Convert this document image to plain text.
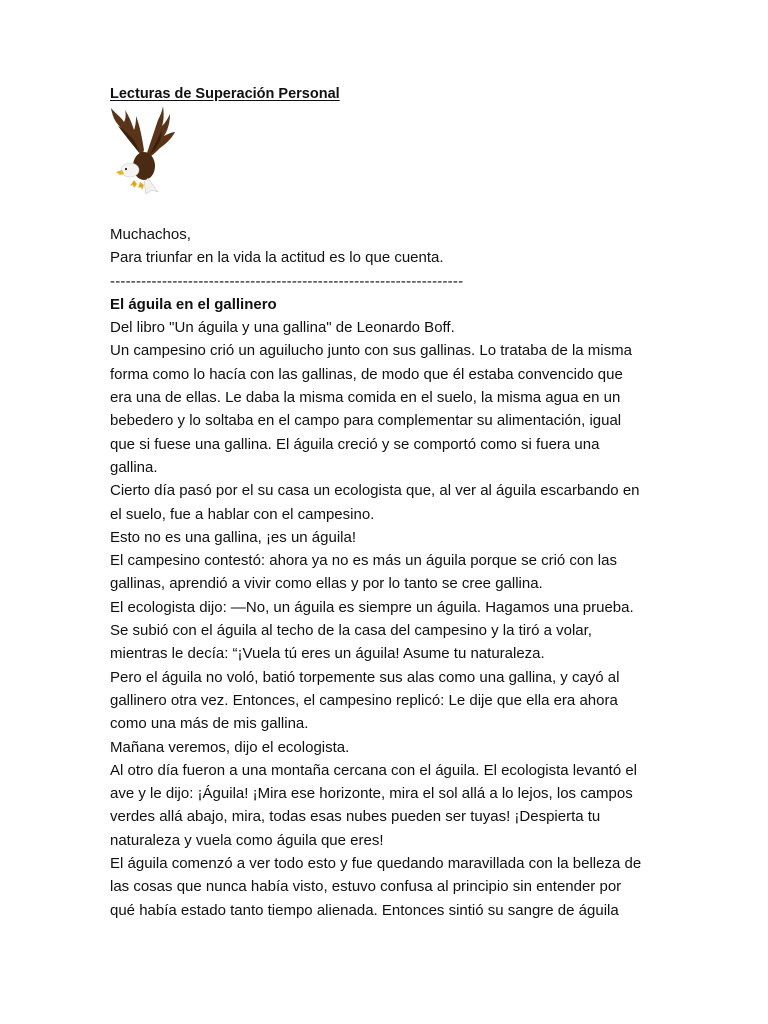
Lecturas de Superación Personal
Muchachos,
Para triunfar en la vida la actitud es lo que cuenta.
--------------------------------------------------------------------
El águila en el gallinero
Del libro "Un águila y una gallina" de Leonardo Boff.
Un campesino crió un aguilucho junto con sus gallinas. Lo trataba de la misma
forma como lo hacía con las gallinas, de modo que él estaba convencido que
era una de ellas. Le daba la misma comida en el suelo, la misma agua en un
bebedero y lo soltaba en el campo para complementar su alimentación, igual
que si fuese una gallina. El águila creció y se comportó como si fuera una
gallina.
Cierto día pasó por el su casa un ecologista que, al ver al águila escarbando en
el suelo, fue a hablar con el campesino.
Esto no es una gallina, ¡es un águila!
El campesino contestó: ahora ya no es más un águila porque se crió con las
gallinas, aprendió a vivir como ellas y por lo tanto se cree gallina.
El ecologista dijo: —No, un águila es siempre un águila. Hagamos una prueba.
Se subió con el águila al techo de la casa del campesino y la tiró a volar,
mientras le decía: “¡Vuela tú eres un águila! Asume tu naturaleza.
Pero el águila no voló, batió torpemente sus alas como una gallina, y cayó al
gallinero otra vez. Entonces, el campesino replicó: Le dije que ella era ahora
como una más de mis gallina.
Mañana veremos, dijo el ecologista.
Al otro día fueron a una montaña cercana con el águila. El ecologista levantó el
ave y le dijo: ¡Águila! ¡Mira ese horizonte, mira el sol allá a lo lejos, los campos
verdes allá abajo, mira, todas esas nubes pueden ser tuyas! ¡Despierta tu
naturaleza y vuela como águila que eres!
El águila comenzó a ver todo esto y fue quedando maravillada con la belleza de
las cosas que nunca había visto, estuvo confusa al principio sin entender por
qué había estado tanto tiempo alienada. Entonces sintió su sangre de águila
